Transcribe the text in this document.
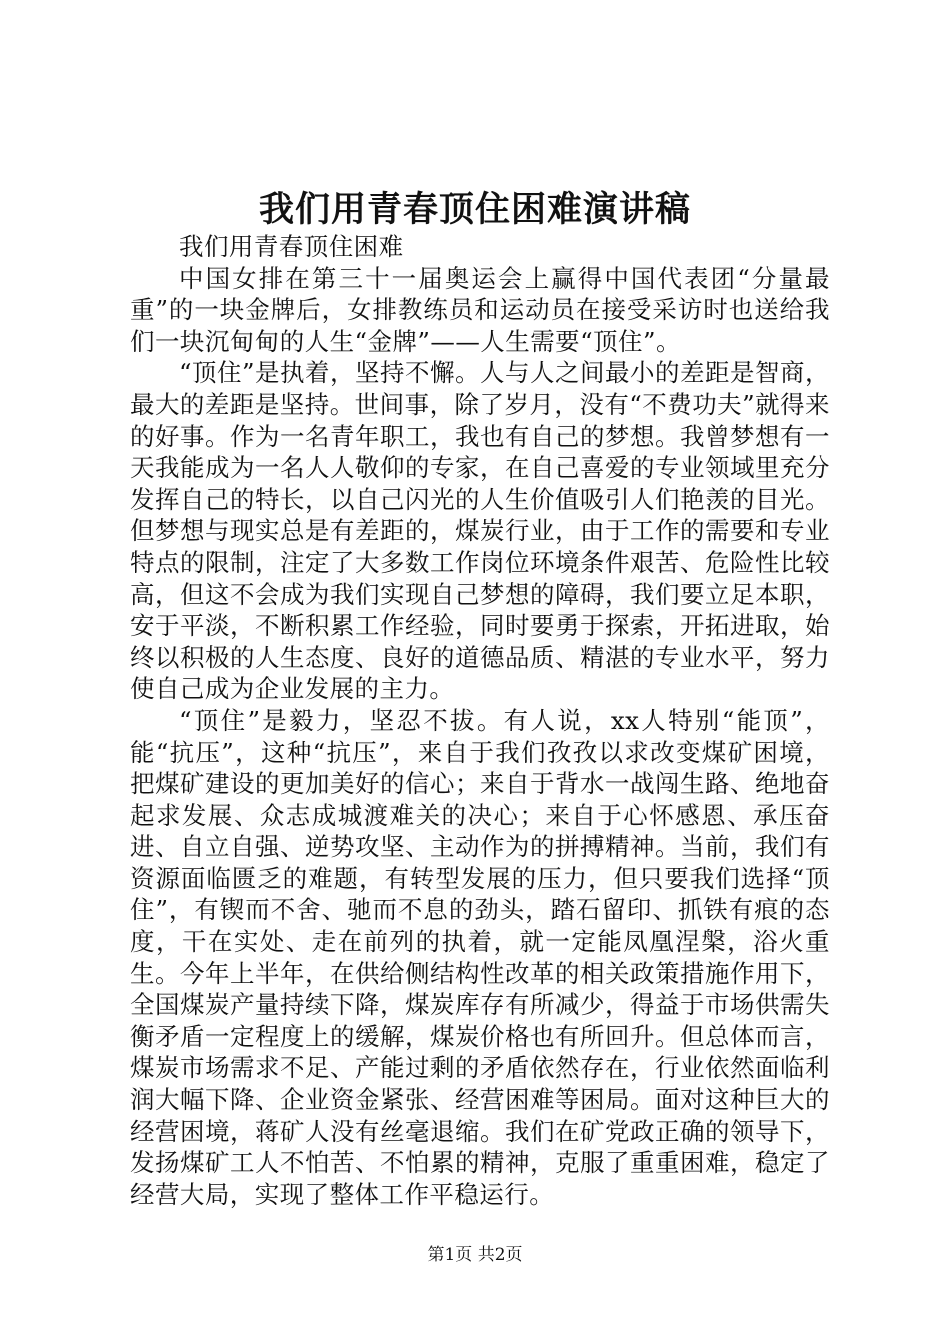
我们用青春顶住困难演讲稿

我们用青春顶住困难

中国女排在第三十一届奥运会上赢得中国代表团“分量最重”的一块金牌后，女排教练员和运动员在接受采访时也送给我们一块沉甸甸的人生“金牌”——人生需要“顶住”。

“顶住”是执着，坚持不懈。人与人之间最小的差距是智商，最大的差距是坚持。世间事，除了岁月，没有“不费功夫”就得来的好事。作为一名青年职工，我也有自己的梦想。我曾梦想有一天我能成为一名人人敬仰的专家，在自己喜爱的专业领域里充分发挥自己的特长，以自己闪光的人生价值吸引人们艳羡的目光。但梦想与现实总是有差距的，煤炭行业，由于工作的需要和专业特点的限制，注定了大多数工作岗位环境条件艰苦、危险性比较高，但这不会成为我们实现自己梦想的障碍，我们要立足本职，安于平淡，不断积累工作经验，同时要勇于探索，开拓进取，始终以积极的人生态度、良好的道德品质、精湛的专业水平，努力使自己成为企业发展的主力。

“顶住”是毅力，坚忍不拔。有人说，xx人特别“能顶”，能“抗压”，这种“抗压”，来自于我们孜孜以求改变煤矿困境，把煤矿建设的更加美好的信心；来自于背水一战闯生路、绝地奋起求发展、众志成城渡难关的决心；来自于心怀感恩、承压奋进、自立自强、逆势攻坚、主动作为的拼搏精神。当前，我们有资源面临匮乏的难题，有转型发展的压力，但只要我们选择“顶住”，有锲而不舍、驰而不息的劲头，踏石留印、抓铁有痕的态度，干在实处、走在前列的执着，就一定能凤凰涅槃，浴火重生。今年上半年，在供给侧结构性改革的相关政策措施作用下，全国煤炭产量持续下降，煤炭库存有所减少，得益于市场供需失衡矛盾一定程度上的缓解，煤炭价格也有所回升。但总体而言，煤炭市场需求不足、产能过剩的矛盾依然存在，行业依然面临利润大幅下降、企业资金紧张、经营困难等困局。面对这种巨大的经营困境，蒋矿人没有丝毫退缩。我们在矿党政正确的领导下，发扬煤矿工人不怕苦、不怕累的精神，克服了重重困难，稳定了经营大局，实现了整体工作平稳运行。

第1页 共2页
